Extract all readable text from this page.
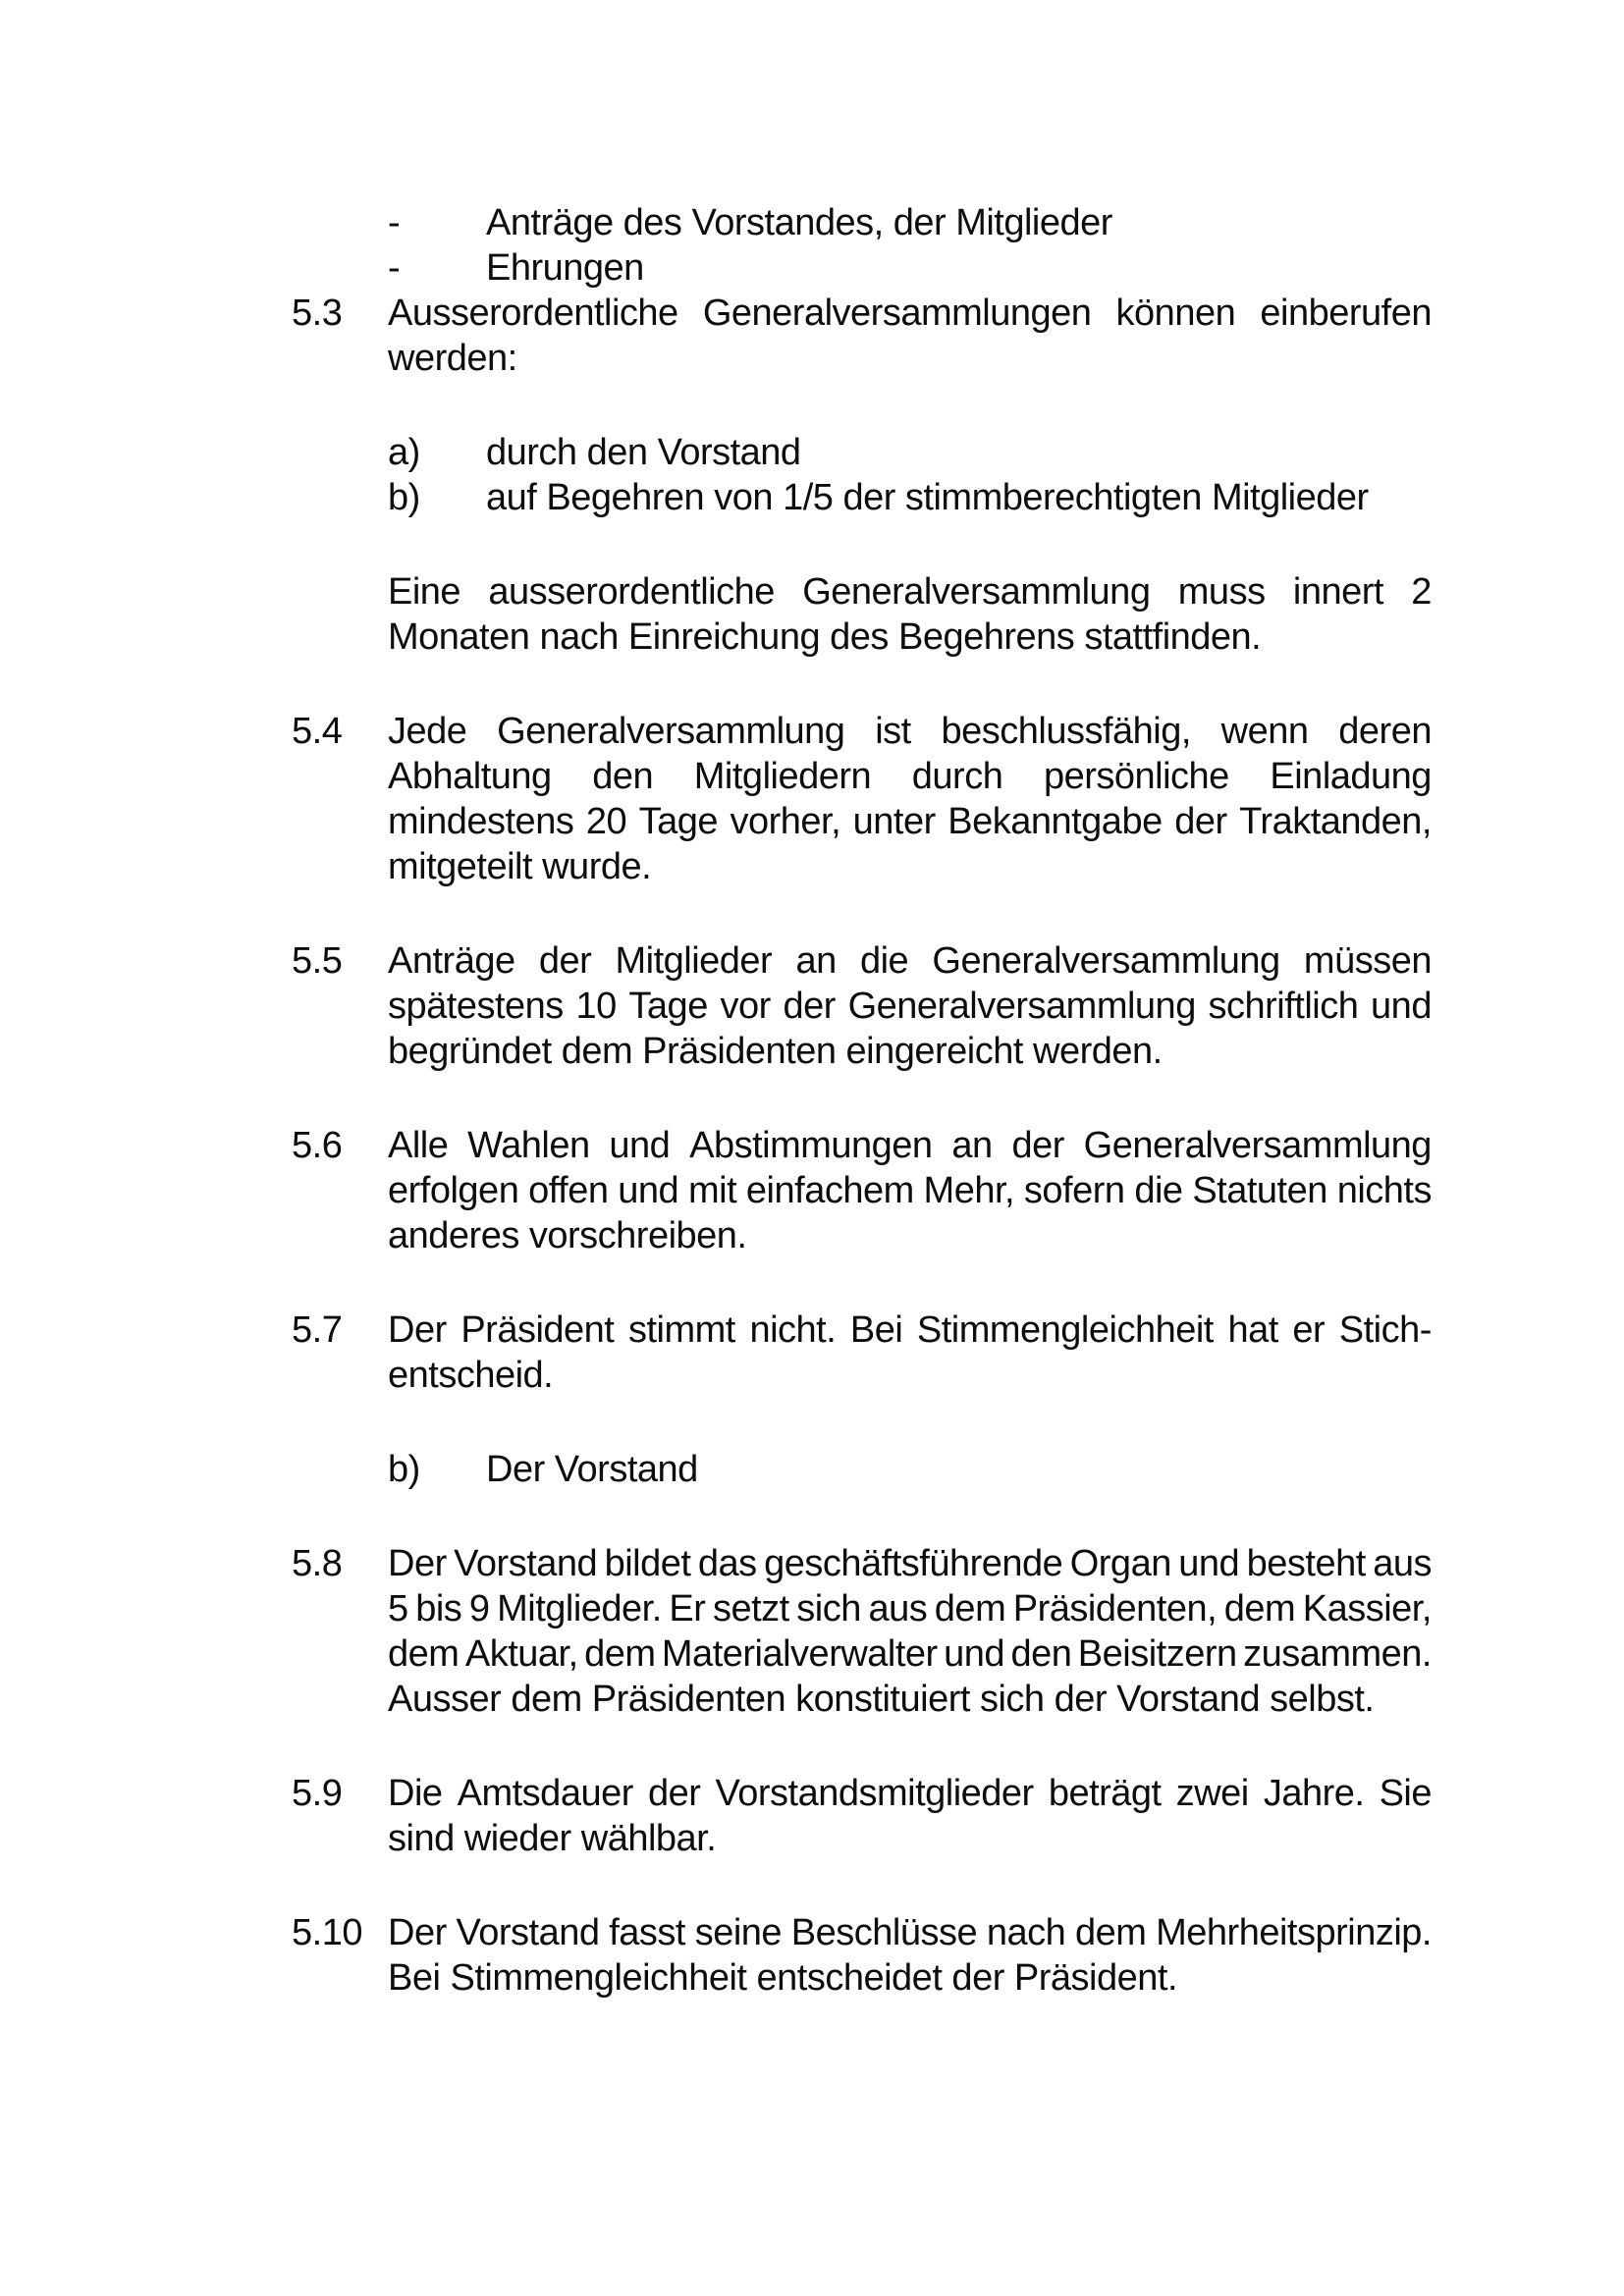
-	Anträge des Vorstandes, der Mitglieder
-	Ehrungen
5.3	Ausserordentliche Generalversammlungen können einberufen
werden:
a)	durch den Vorstand
b)	auf Begehren von 1/5 der stimmberechtigten Mitglieder
Eine ausserordentliche Generalversammlung muss innert 2
Monaten nach Einreichung des Begehrens stattfinden.
5.4	Jede Generalversammlung ist beschlussfähig, wenn deren
Abhaltung den Mitgliedern durch persönliche Einladung
mindestens 20 Tage vorher, unter Bekanntgabe der Traktanden,
mitgeteilt wurde.
5.5	Anträge der Mitglieder an die Generalversammlung müssen
spätestens 10 Tage vor der Generalversammlung schriftlich und
begründet dem Präsidenten eingereicht werden.
5.6	Alle Wahlen und Abstimmungen an der Generalversammlung
erfolgen offen und mit einfachem Mehr, sofern die Statuten nichts
anderes vorschreiben.
5.7	Der Präsident stimmt nicht. Bei Stimmengleichheit hat er Stich-
entscheid.
b)	Der Vorstand
5.8	Der Vorstand bildet das geschäftsführende Organ und besteht aus
5 bis 9 Mitglieder. Er setzt sich aus dem Präsidenten, dem Kassier,
dem Aktuar, dem Materialverwalter und den Beisitzern zusammen.
Ausser dem Präsidenten konstituiert sich der Vorstand selbst.
5.9	Die Amtsdauer der Vorstandsmitglieder beträgt zwei Jahre. Sie
sind wieder wählbar.
5.10 Der Vorstand fasst seine Beschlüsse nach dem Mehrheitsprinzip.
Bei Stimmengleichheit entscheidet der Präsident.
